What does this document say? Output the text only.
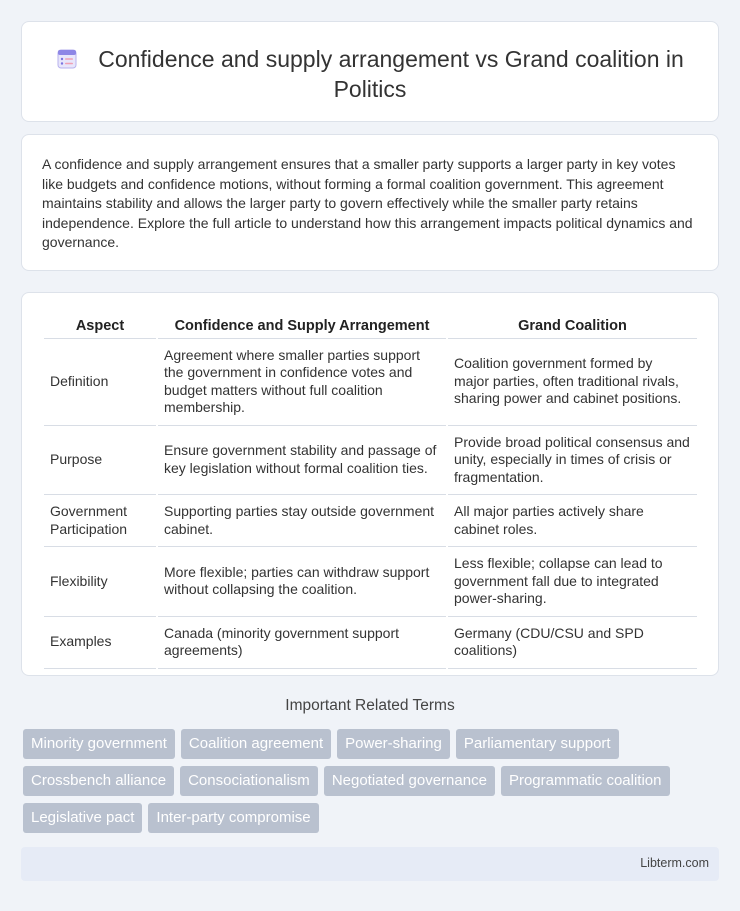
Confidence and supply arrangement vs Grand coalition in Politics

A confidence and supply arrangement ensures that a smaller party supports a larger party in key votes like budgets and confidence motions, without forming a formal coalition government. This agreement maintains stability and allows the larger party to govern effectively while the smaller party retains independence. Explore the full article to understand how this arrangement impacts political dynamics and governance.

Aspect	Confidence and Supply Arrangement	Grand Coalition
Definition	Agreement where smaller parties support the government in confidence votes and budget matters without full coalition membership.	Coalition government formed by major parties, often traditional rivals, sharing power and cabinet positions.
Purpose	Ensure government stability and passage of key legislation without formal coalition ties.	Provide broad political consensus and unity, especially in times of crisis or fragmentation.
Government Participation	Supporting parties stay outside government cabinet.	All major parties actively share cabinet roles.
Flexibility	More flexible; parties can withdraw support without collapsing the coalition.	Less flexible; collapse can lead to government fall due to integrated power-sharing.
Examples	Canada (minority government support agreements)	Germany (CDU/CSU and SPD coalitions)
Important Related Terms
Minority government	Coalition agreement	Power-sharing	Parliamentary support
Crossbench alliance	Consociationalism	Negotiated governance	Programmatic coalition
Legislative pact	Inter-party compromise
Libterm.com
